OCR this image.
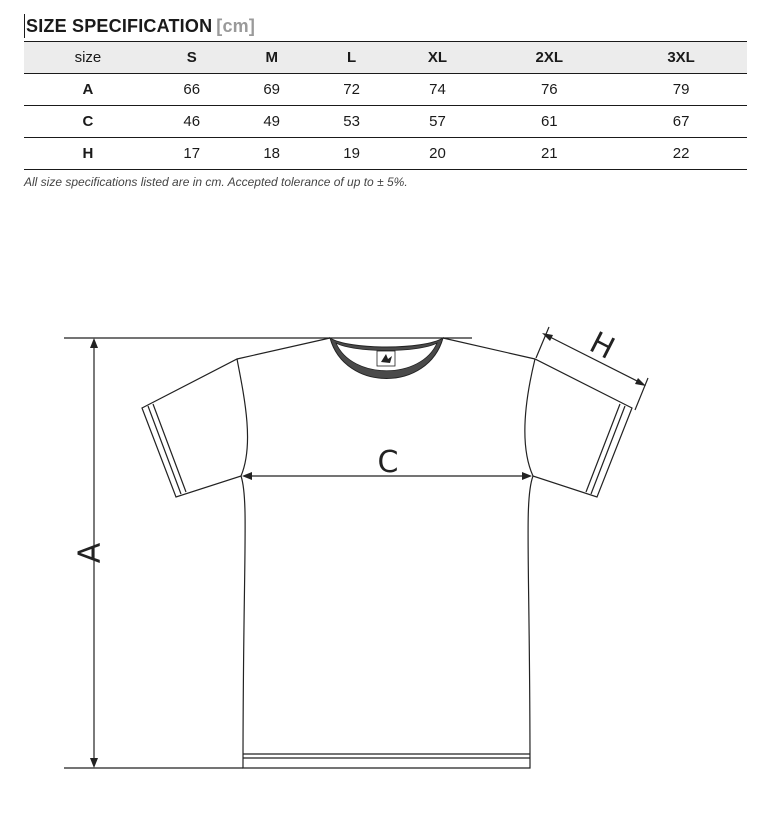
SIZE SPECIFICATION [cm]
size	S	M	L	XL	2XL	3XL
A	66	69	72	74	76	79
C	46	49	53	57	61	67
H	17	18	19	20	21	22

All size specifications listed are in cm. Accepted tolerance of up to ± 5%.

A
C
H
